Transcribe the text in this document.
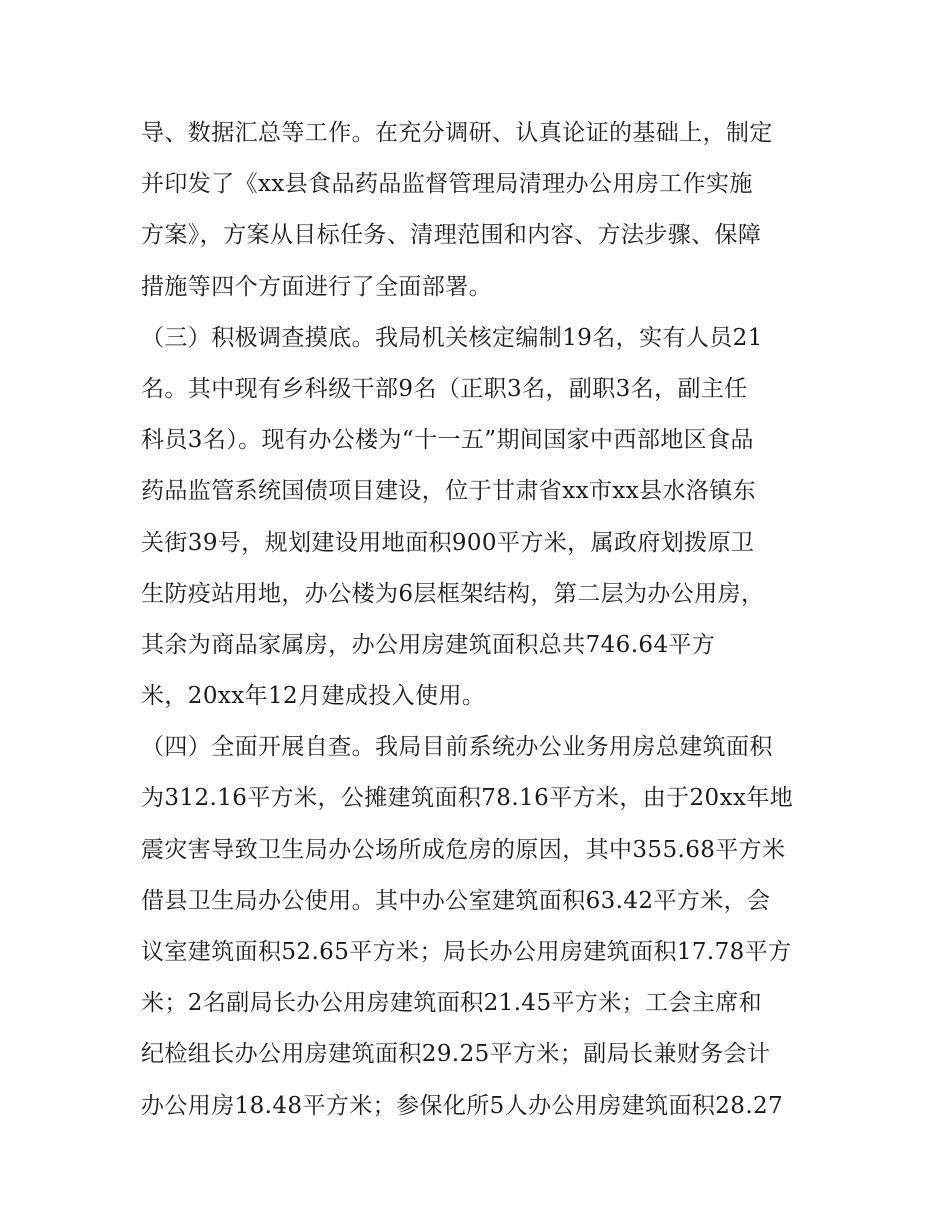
导、数据汇总等工作。在充分调研、认真论证的基础上，制定
并印发了《xx县食品药品监督管理局清理办公用房工作实施
方案》，方案从目标任务、清理范围和内容、方法步骤、保障
措施等四个方面进行了全面部署。
（三）积极调查摸底。我局机关核定编制19名，实有人员21
名。其中现有乡科级干部9名（正职3名，副职3名，副主任
科员3名）。现有办公楼为“十一五”期间国家中西部地区食品
药品监管系统国债项目建设，位于甘肃省xx市xx县水洛镇东
关街39号，规划建设用地面积900平方米，属政府划拨原卫
生防疫站用地，办公楼为6层框架结构，第二层为办公用房，
其余为商品家属房，办公用房建筑面积总共746.64平方
米，20xx年12月建成投入使用。
（四）全面开展自查。我局目前系统办公业务用房总建筑面积
为312.16平方米，公摊建筑面积78.16平方米，由于20xx年地
震灾害导致卫生局办公场所成危房的原因，其中355.68平方米
借县卫生局办公使用。其中办公室建筑面积63.42平方米，会
议室建筑面积52.65平方米；局长办公用房建筑面积17.78平方
米；2名副局长办公用房建筑面积21.45平方米；工会主席和
纪检组长办公用房建筑面积29.25平方米；副局长兼财务会计
办公用房18.48平方米；参保化所5人办公用房建筑面积28.27
